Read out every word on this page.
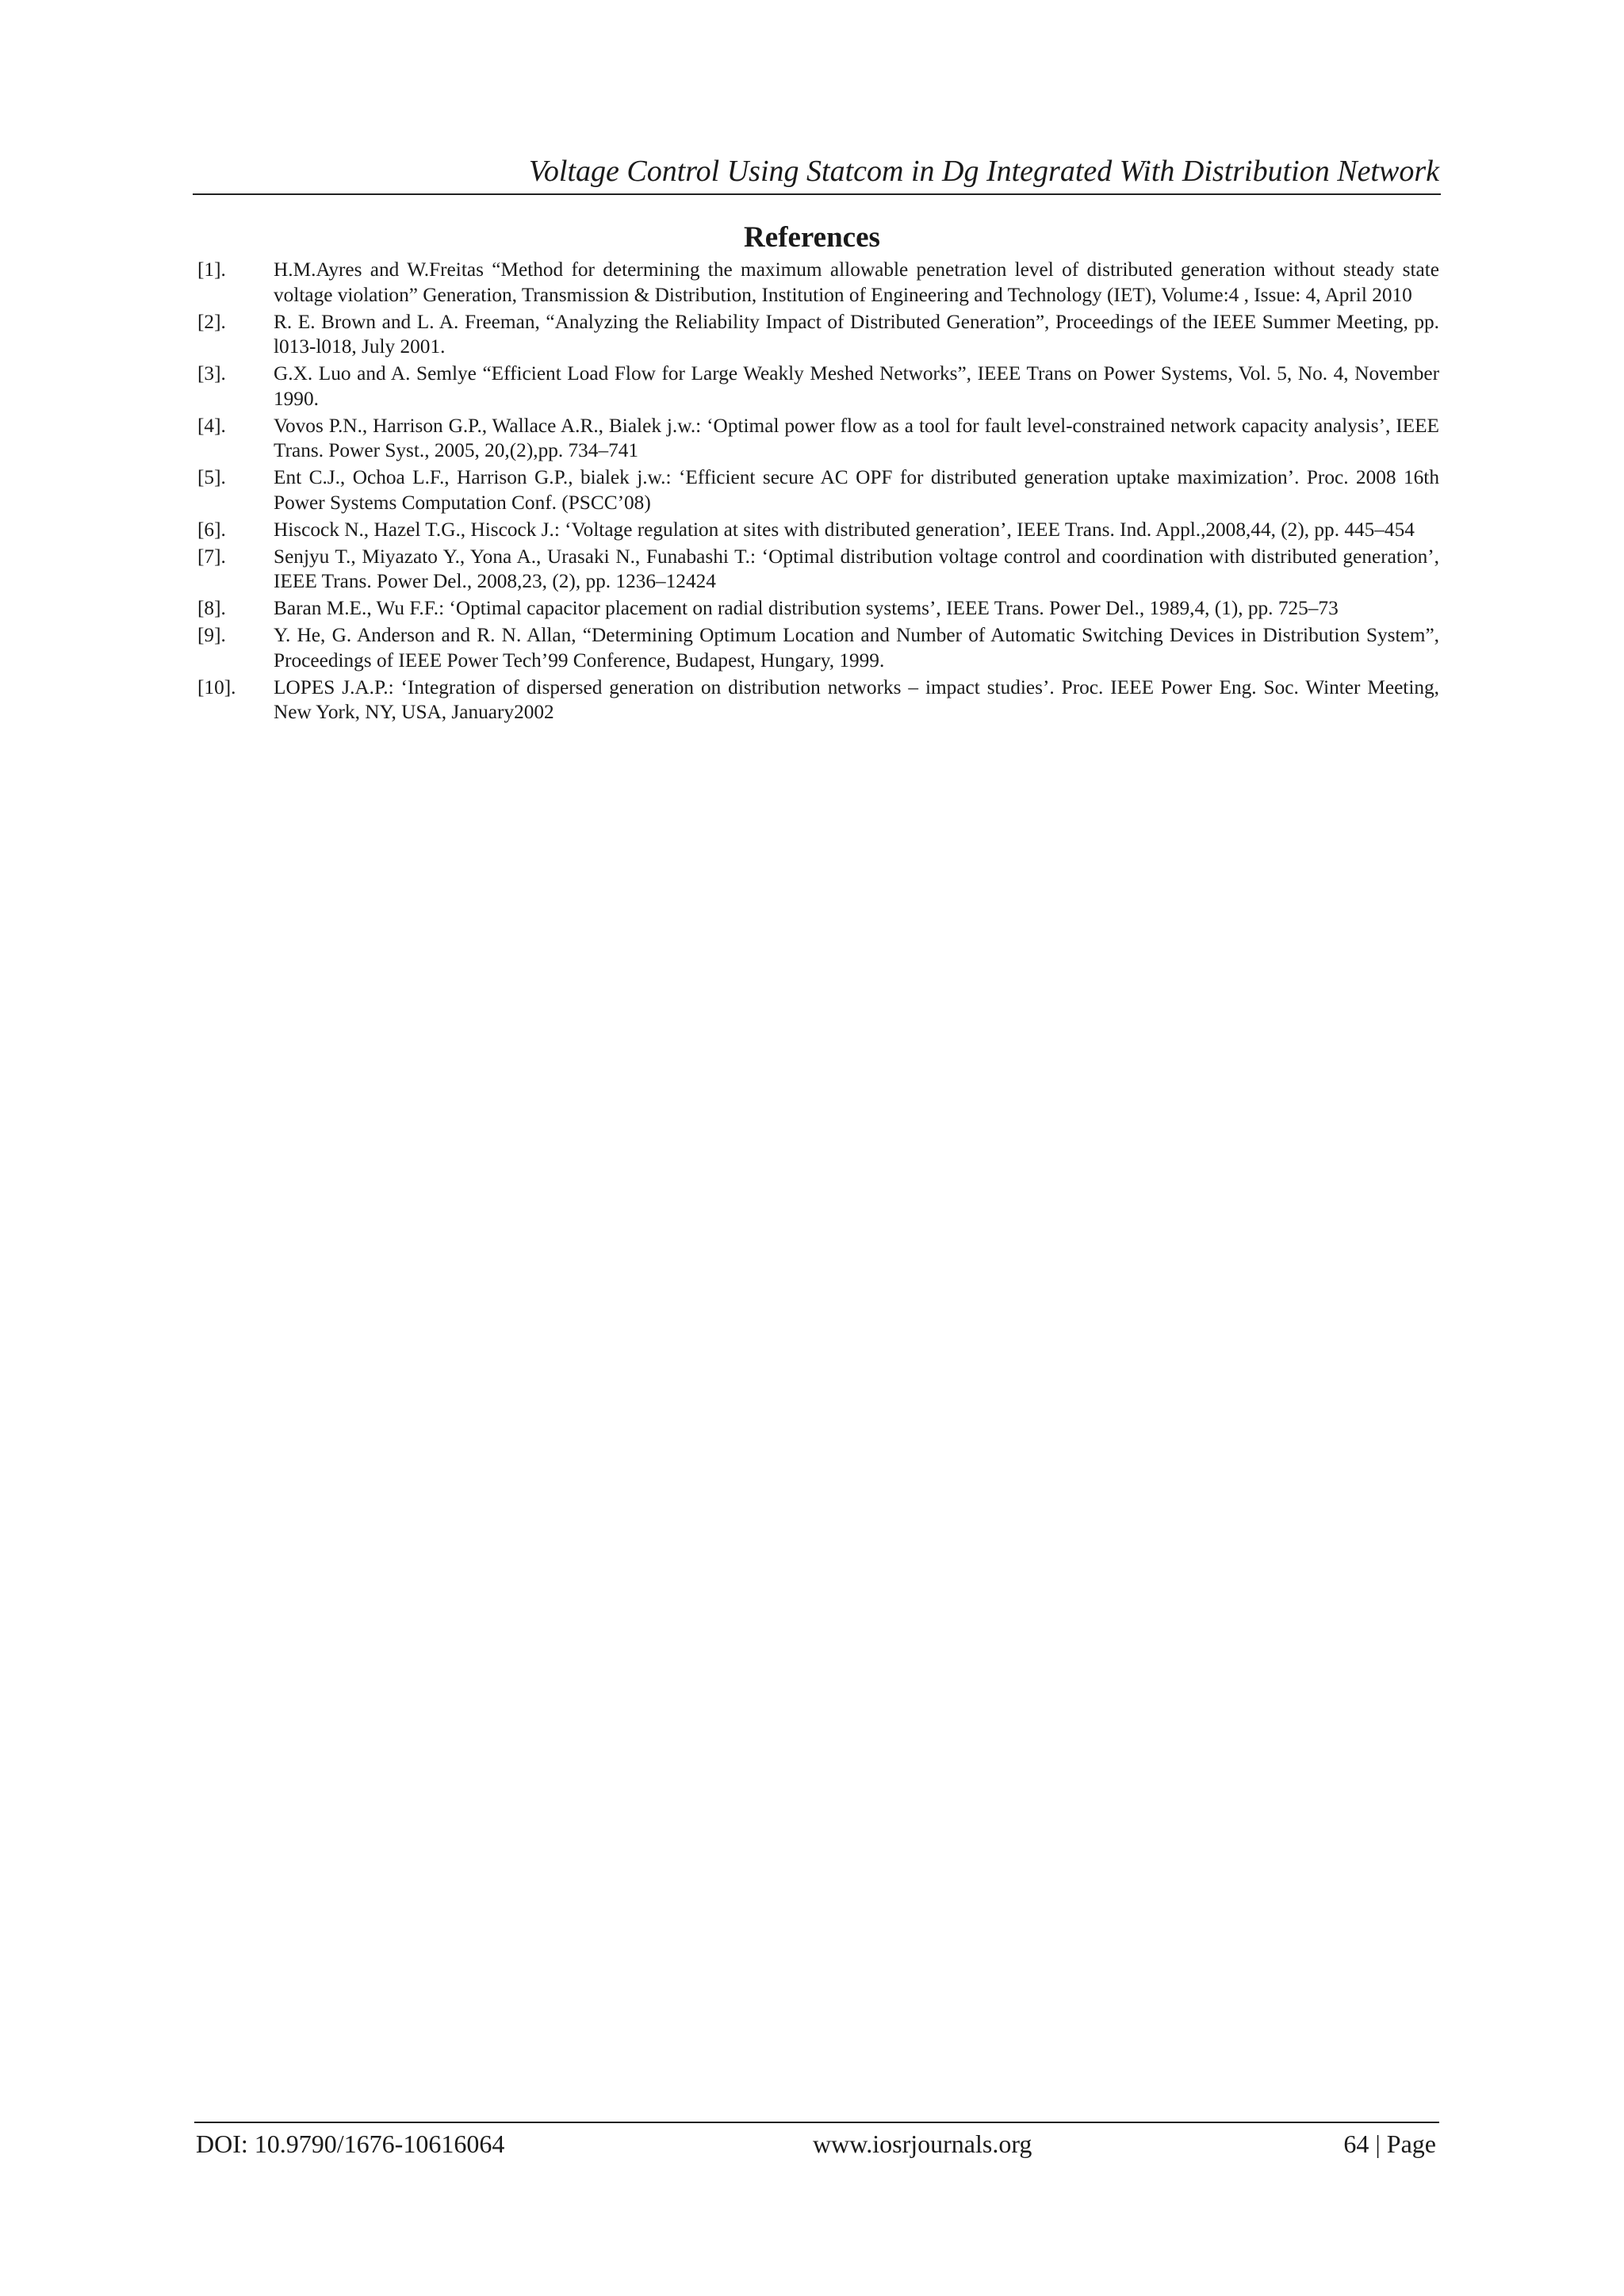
Voltage Control Using Statcom in Dg Integrated With Distribution Network
References
[1]. H.M.Ayres and W.Freitas “Method for determining the maximum allowable penetration level of distributed generation without steady state voltage violation” Generation, Transmission & Distribution, Institution of Engineering and Technology (IET), Volume:4 , Issue: 4, April 2010
[2]. R. E. Brown and L. A. Freeman, “Analyzing the Reliability Impact of Distributed Generation”, Proceedings of the IEEE Summer Meeting, pp. l013-l018, July 2001.
[3]. G.X. Luo and A. Semlye “Efficient Load Flow for Large Weakly Meshed Networks”, IEEE Trans on Power Systems, Vol. 5, No. 4, November 1990.
[4]. Vovos P.N., Harrison G.P., Wallace A.R., Bialek j.w.: ‘Optimal power flow as a tool for fault level-constrained network capacity analysis’, IEEE Trans. Power Syst., 2005, 20,(2),pp. 734–741
[5]. Ent C.J., Ochoa L.F., Harrison G.P., bialek j.w.: ‘Efficient secure AC OPF for distributed generation uptake maximization’. Proc. 2008 16th Power Systems Computation Conf. (PSCC’08)
[6]. Hiscock N., Hazel T.G., Hiscock J.: ‘Voltage regulation at sites with distributed generation’, IEEE Trans. Ind. Appl.,2008,44, (2), pp. 445–454
[7]. Senjyu T., Miyazato Y., Yona A., Urasaki N., Funabashi T.: ‘Optimal distribution voltage control and coordination with distributed generation’, IEEE Trans. Power Del., 2008,23, (2), pp. 1236–12424
[8]. Baran M.E., Wu F.F.: ‘Optimal capacitor placement on radial distribution systems’, IEEE Trans. Power Del., 1989,4, (1), pp. 725–73
[9]. Y. He, G. Anderson and R. N. Allan, “Determining Optimum Location and Number of Automatic Switching Devices in Distribution System”, Proceedings of IEEE Power Tech’99 Conference, Budapest, Hungary, 1999.
[10]. LOPES J.A.P.: ‘Integration of dispersed generation on distribution networks – impact studies’. Proc. IEEE Power Eng. Soc. Winter Meeting, New York, NY, USA, January2002
DOI: 10.9790/1676-10616064	www.iosrjournals.org	64 | Page
